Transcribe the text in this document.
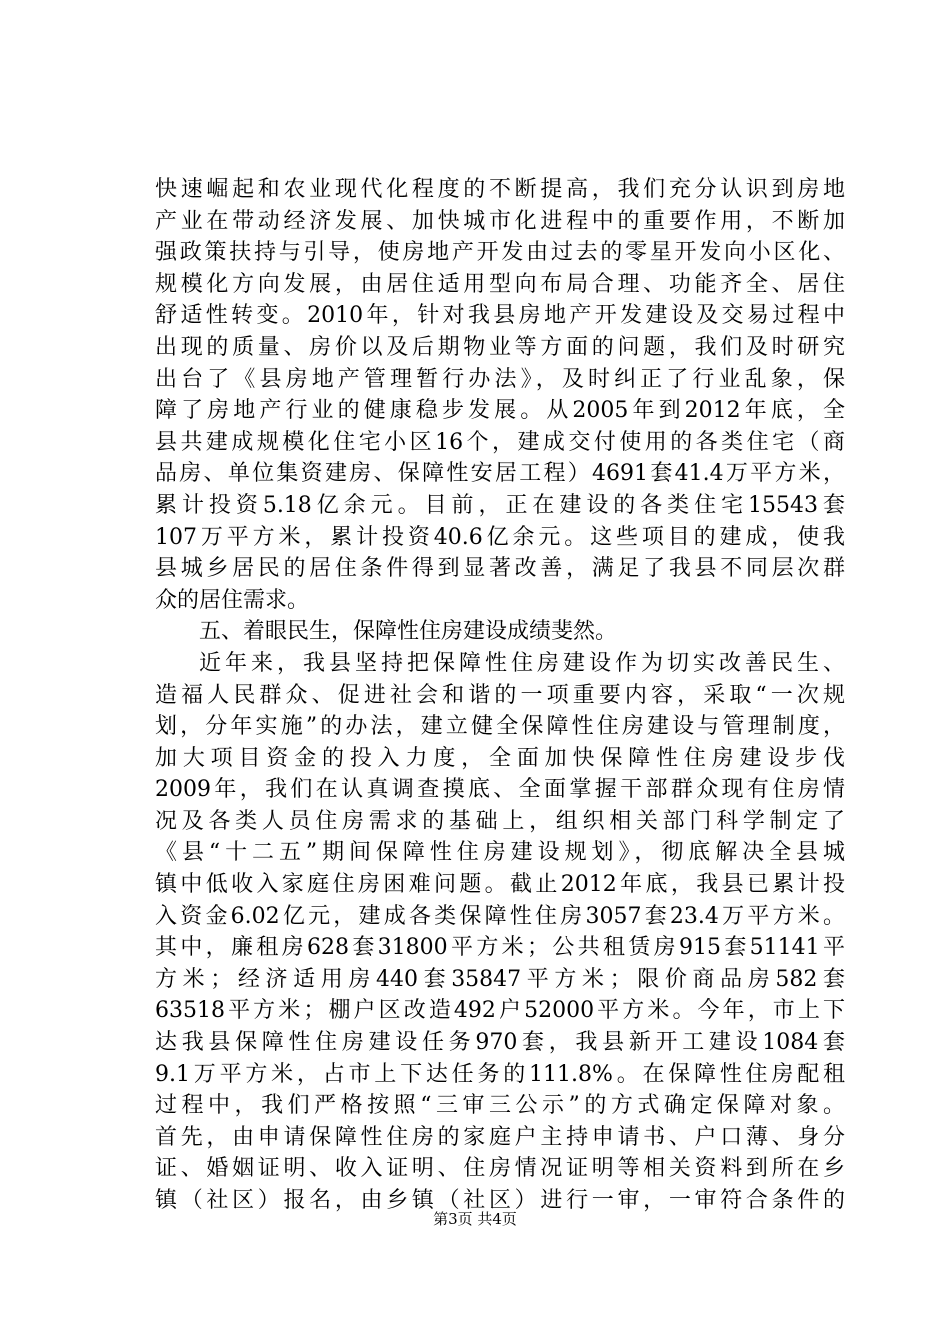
快速崛起和农业现代化程度的不断提高，我们充分认识到房地
产业在带动经济发展、加快城市化进程中的重要作用，不断加
强政策扶持与引导，使房地产开发由过去的零星开发向小区化、
规模化方向发展，由居住适用型向布局合理、功能齐全、居住
舒适性转变。2010年，针对我县房地产开发建设及交易过程中
出现的质量、房价以及后期物业等方面的问题，我们及时研究
出台了《县房地产管理暂行办法》，及时纠正了行业乱象，保
障了房地产行业的健康稳步发展。从2005年到2012年底，全
县共建成规模化住宅小区16个，建成交付使用的各类住宅（商
品房、单位集资建房、保障性安居工程）4691套41.4万平方米，
累计投资5.18亿余元。目前，正在建设的各类住宅15543套
107万平方米，累计投资40.6亿余元。这些项目的建成，使我
县城乡居民的居住条件得到显著改善，满足了我县不同层次群
众的居住需求。
五、着眼民生，保障性住房建设成绩斐然。
近年来，我县坚持把保障性住房建设作为切实改善民生、
造福人民群众、促进社会和谐的一项重要内容，采取“一次规
划，分年实施”的办法，建立健全保障性住房建设与管理制度，
加大项目资金的投入力度，全面加快保障性住房建设步伐
2009年，我们在认真调查摸底、全面掌握干部群众现有住房情
况及各类人员住房需求的基础上，组织相关部门科学制定了
《县“十二五”期间保障性住房建设规划》，彻底解决全县城
镇中低收入家庭住房困难问题。截止2012年底，我县已累计投
入资金6.02亿元，建成各类保障性住房3057套23.4万平方米。
其中，廉租房628套31800平方米；公共租赁房915套51141平
方米；经济适用房440套35847平方米；限价商品房582套
63518平方米；棚户区改造492户52000平方米。今年，市上下
达我县保障性住房建设任务970套，我县新开工建设1084套
9.1万平方米，占市上下达任务的111.8%。在保障性住房配租
过程中，我们严格按照“三审三公示”的方式确定保障对象。
首先，由申请保障性住房的家庭户主持申请书、户口薄、身分
证、婚姻证明、收入证明、住房情况证明等相关资料到所在乡
镇（社区）报名，由乡镇（社区）进行一审，一审符合条件的
第3页 共4页
